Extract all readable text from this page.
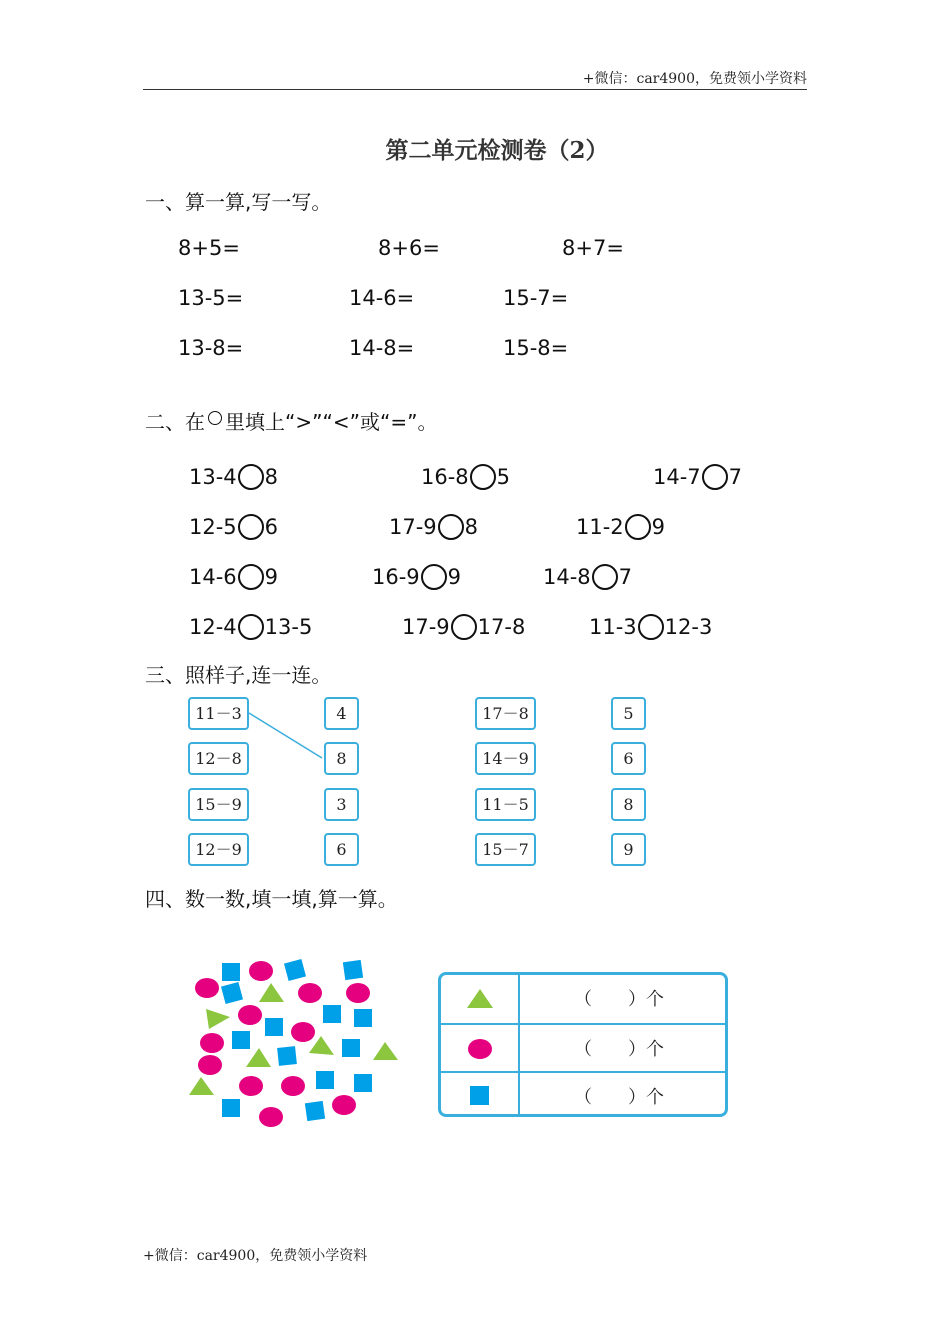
+微信：car4900，免费领小学资料
第二单元检测卷（2）
一、算一算,写一写。
8+5=	8+6=	8+7=
13-5=	14-6=	15-7=
13-8=	14-8=	15-8=
二、在 里填上“>”“<”或“=”。
13-4 8	16-8 5	14-7 7
12-5 6	17-9 8	11-2 9
14-6 9	16-9 9	14-8 7
12-4 13-5	17-9 17-8	11-3 12-3
三、照样子,连一连。
11－3
12－8
15－9
12－9
4
8
3
6
17－8
14－9
11－5
15－7
5
6
8
9
四、数一数,填一填,算一算。
（　　）个
（　　）个
（　　）个
+微信：car4900，免费领小学资料
